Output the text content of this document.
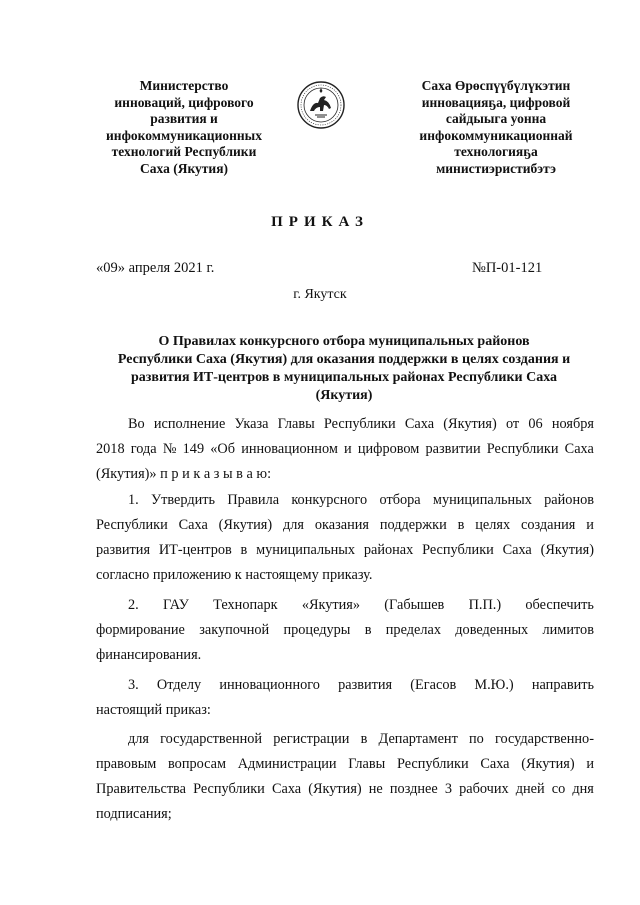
Министерство
инноваций, цифрового
развития и
инфокоммуникационных
технологий Республики
Саха (Якутия)
Саха Өрөспүүбүлүкэтин
инновацияҕа, цифровой
сайдыыга уонна
инфокоммуникационнай
технологияҕа
министиэристибэтэ
ПРИКАЗ
«09» апреля 2021 г.	№П-01-121
г. Якутск
О Правилах конкурсного отбора муниципальных районов
Республики Саха (Якутия) для оказания поддержки в целях создания и
развития ИТ-центров в муниципальных районах Республики Саха
(Якутия)
Во исполнение Указа Главы Республики Саха (Якутия) от 06 ноября
2018 года № 149 «Об инновационном и цифровом развитии Республики Саха
(Якутия)» п р и к а з ы в а ю:
1. Утвердить Правила конкурсного отбора муниципальных районов
Республики Саха (Якутия) для оказания поддержки в целях создания и
развития ИТ-центров в муниципальных районах Республики Саха (Якутия)
согласно приложению к настоящему приказу.
2. ГАУ Технопарк «Якутия» (Габышев П.П.) обеспечить
формирование закупочной процедуры в пределах доведенных лимитов
финансирования.
3. Отделу инновационного развития (Егасов М.Ю.) направить
настоящий приказ:
для государственной регистрации в Департамент по государственно-
правовым вопросам Администрации Главы Республики Саха (Якутия) и
Правительства Республики Саха (Якутия) не позднее 3 рабочих дней со дня
подписания;
